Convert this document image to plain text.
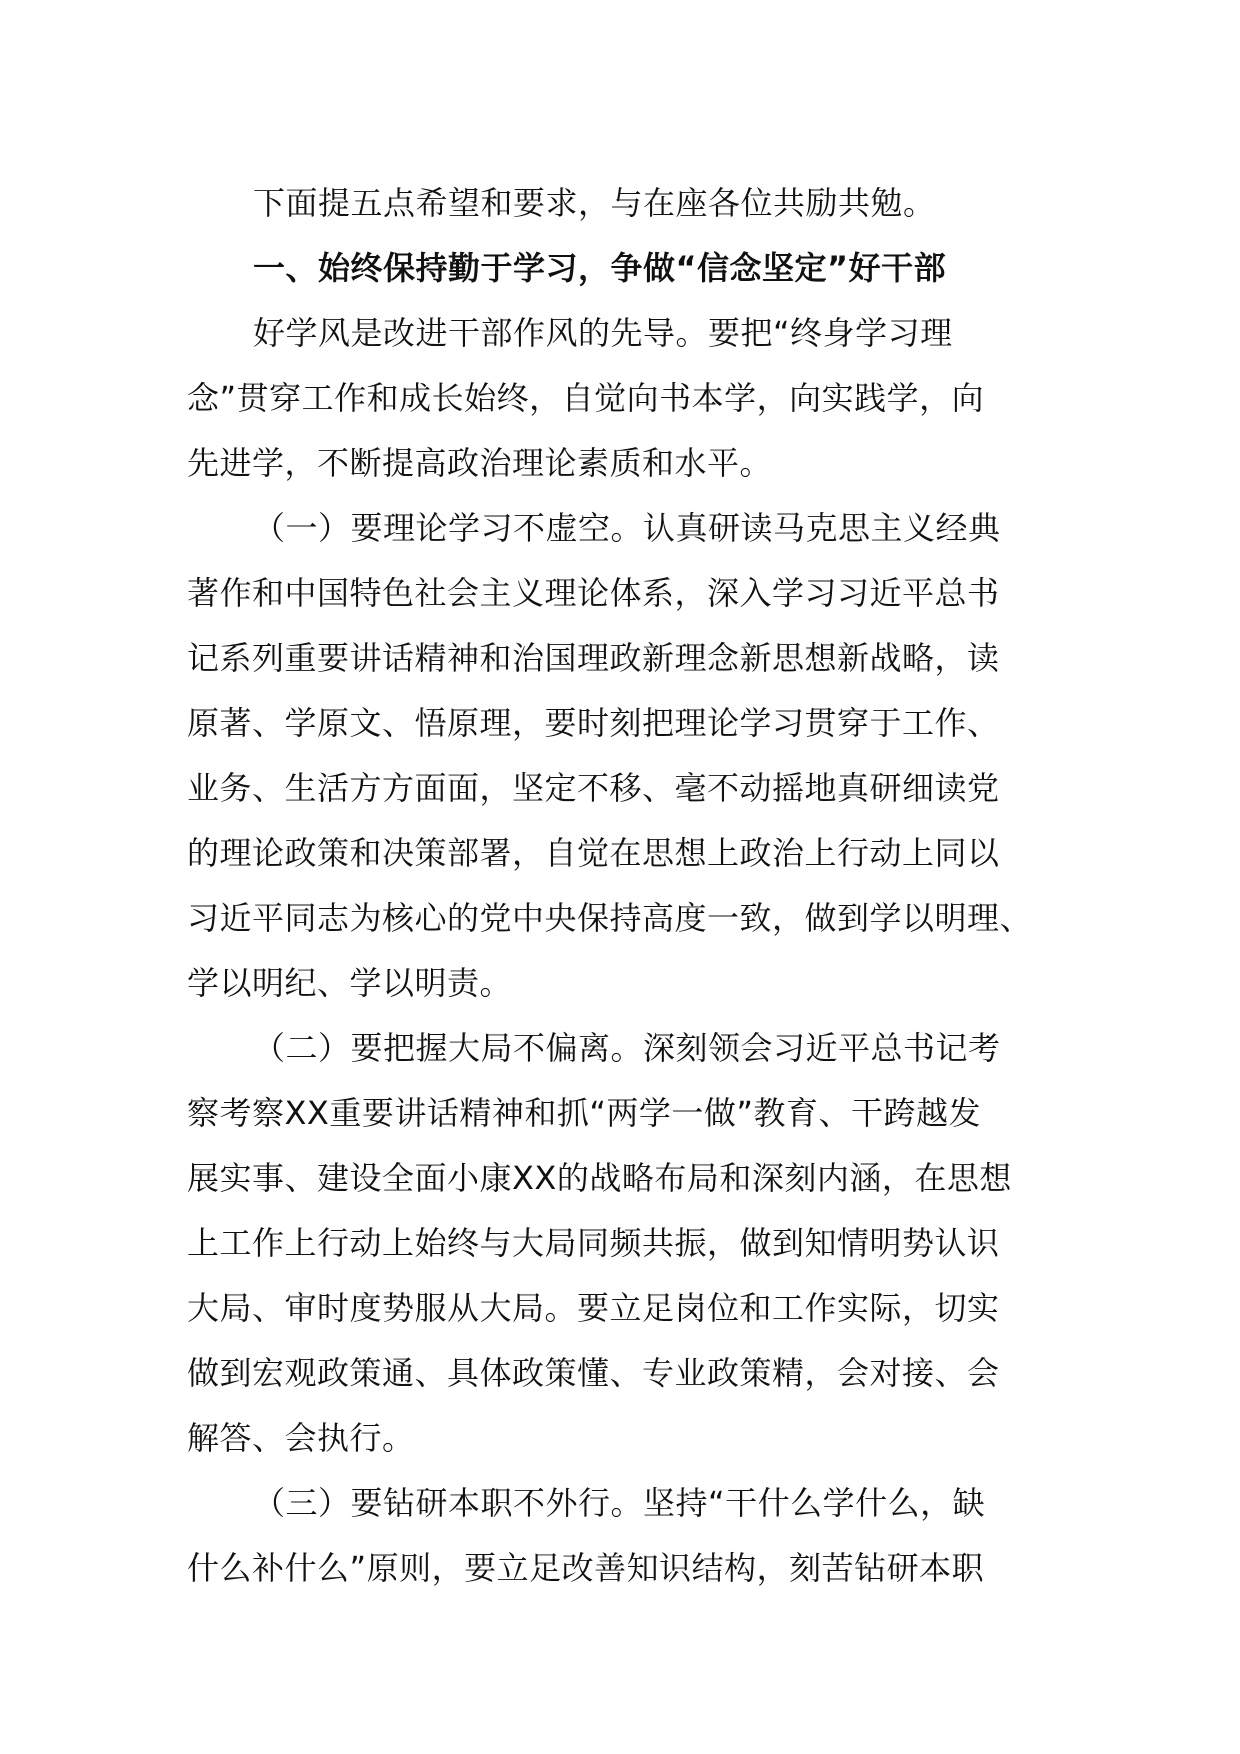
下面提五点希望和要求，与在座各位共励共勉。
一、始终保持勤于学习，争做“信念坚定”好干部
好学风是改进干部作风的先导。要把“终身学习理
念”贯穿工作和成长始终，自觉向书本学，向实践学，向
先进学，不断提高政治理论素质和水平。
（一）要理论学习不虚空。认真研读马克思主义经典
著作和中国特色社会主义理论体系，深入学习习近平总书
记系列重要讲话精神和治国理政新理念新思想新战略，读
原著、学原文、悟原理，要时刻把理论学习贯穿于工作、
业务、生活方方面面，坚定不移、毫不动摇地真研细读党
的理论政策和决策部署，自觉在思想上政治上行动上同以
习近平同志为核心的党中央保持高度一致，做到学以明理、
学以明纪、学以明责。
（二）要把握大局不偏离。深刻领会习近平总书记考
察考察XX重要讲话精神和抓“两学一做”教育、干跨越发
展实事、建设全面小康XX的战略布局和深刻内涵，在思想
上工作上行动上始终与大局同频共振，做到知情明势认识
大局、审时度势服从大局。要立足岗位和工作实际，切实
做到宏观政策通、具体政策懂、专业政策精，会对接、会
解答、会执行。
（三）要钻研本职不外行。坚持“干什么学什么，缺
什么补什么”原则，要立足改善知识结构，刻苦钻研本职
